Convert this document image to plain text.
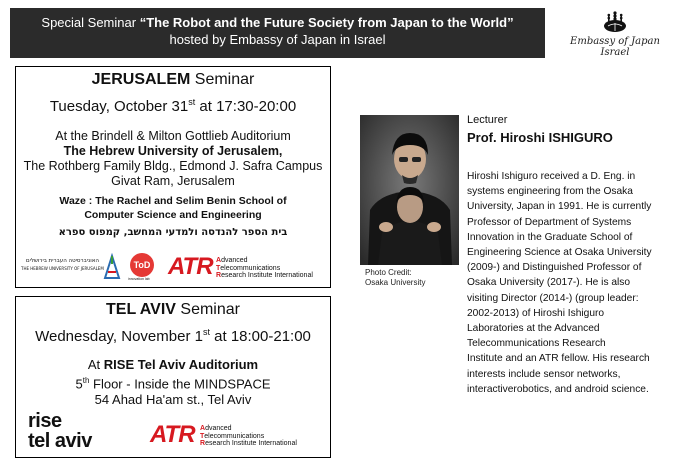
Special Seminar “The Robot and the Future Society from Japan to the World”
hosted by Embassy of Japan in Israel	Embassy of Japan
Israel
JERUSALEM Seminar
Tuesday, October 31st at 17:30-20:00
At the Brindell & Milton Gottlieb Auditorium
The Hebrew University of Jerusalem,
The Rothberg Family Bldg., Edmond J. Safra Campus
Givat Ram, Jerusalem
Waze : The Rachel and Selim Benin School of
Computer Science and Engineering
בית הספר להנדסה ולמדעי המחשב, קמפוס ספרא
האוניברסיטה העברית בירושלים
THE HEBREW UNIVERSITY OF JERUSALEM	ToD
innovation lab ATR Advanced
Telecommunications
Research Institute International
TEL AVIV Seminar
Wednesday, November 1st at 18:00-21:00
At RISE Tel Aviv Auditorium
5th Floor - Inside the MINDSPACE
54 Ahad Ha'am st., Tel Aviv
rise
tel aviv ATR Advanced
Telecommunications
Research Institute International
Photo Credit:
Osaka University
Lecturer
Prof. Hiroshi ISHIGURO
Hiroshi Ishiguro received a D. Eng. in
systems engineering from the Osaka
University, Japan in 1991. He is currently
Professor of Department of Systems
Innovation in the Graduate School of
Engineering Science at Osaka University
(2009-) and Distinguished Professor of
Osaka University (2017-). He is also
visiting Director (2014-) (group leader:
2002-2013) of Hiroshi Ishiguro
Laboratories at the Advanced
Telecommunications Research
Institute and an ATR fellow. His research
interests include sensor networks,
interactiverobotics, and android science.
